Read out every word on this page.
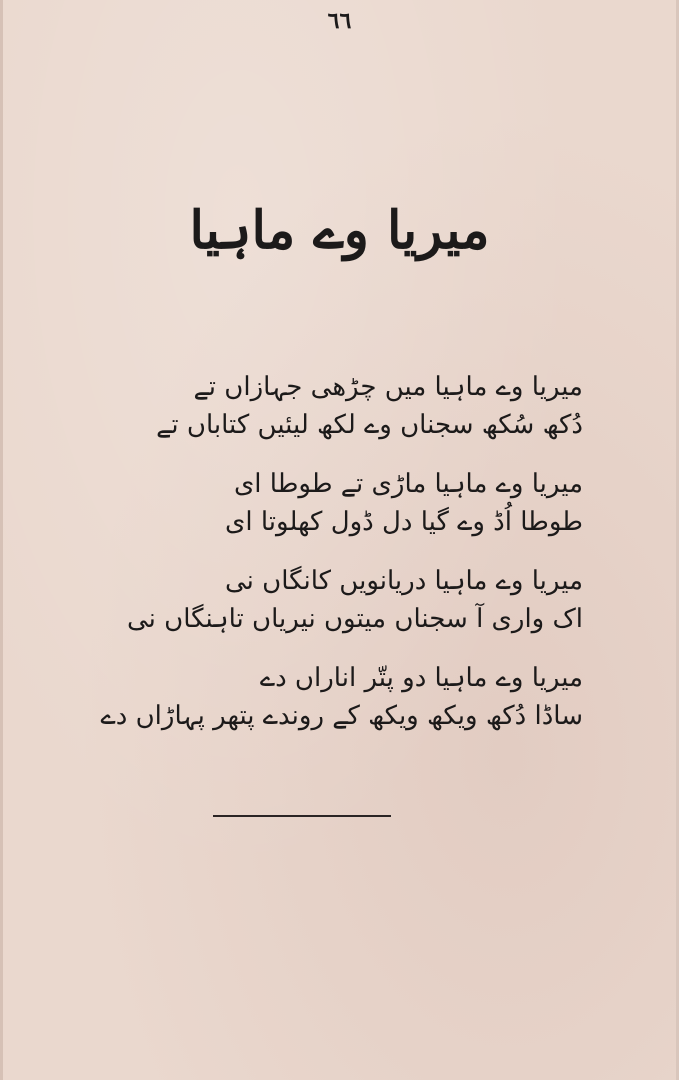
٦٦
میریا وے ماہیا
میریا وے ماہیا میں چڑھی جہازاں تے
دُکھ سُکھ سجناں وے لکھ لیئیں کتاباں تے
میریا وے ماہیا ماڑی تے طوطا ای
طوطا اُڈ وے گیا دل ڈول کھلوتا ای
میریا وے ماہیا دریانویں کانگاں نی
اک واری آ سجناں میتوں نیریاں تاہنگاں نی
میریا وے ماہیا دو پتّر اناراں دے
ساڈا دُکھ ویکھ ویکھ کے روندے پتھر پہاڑاں دے
